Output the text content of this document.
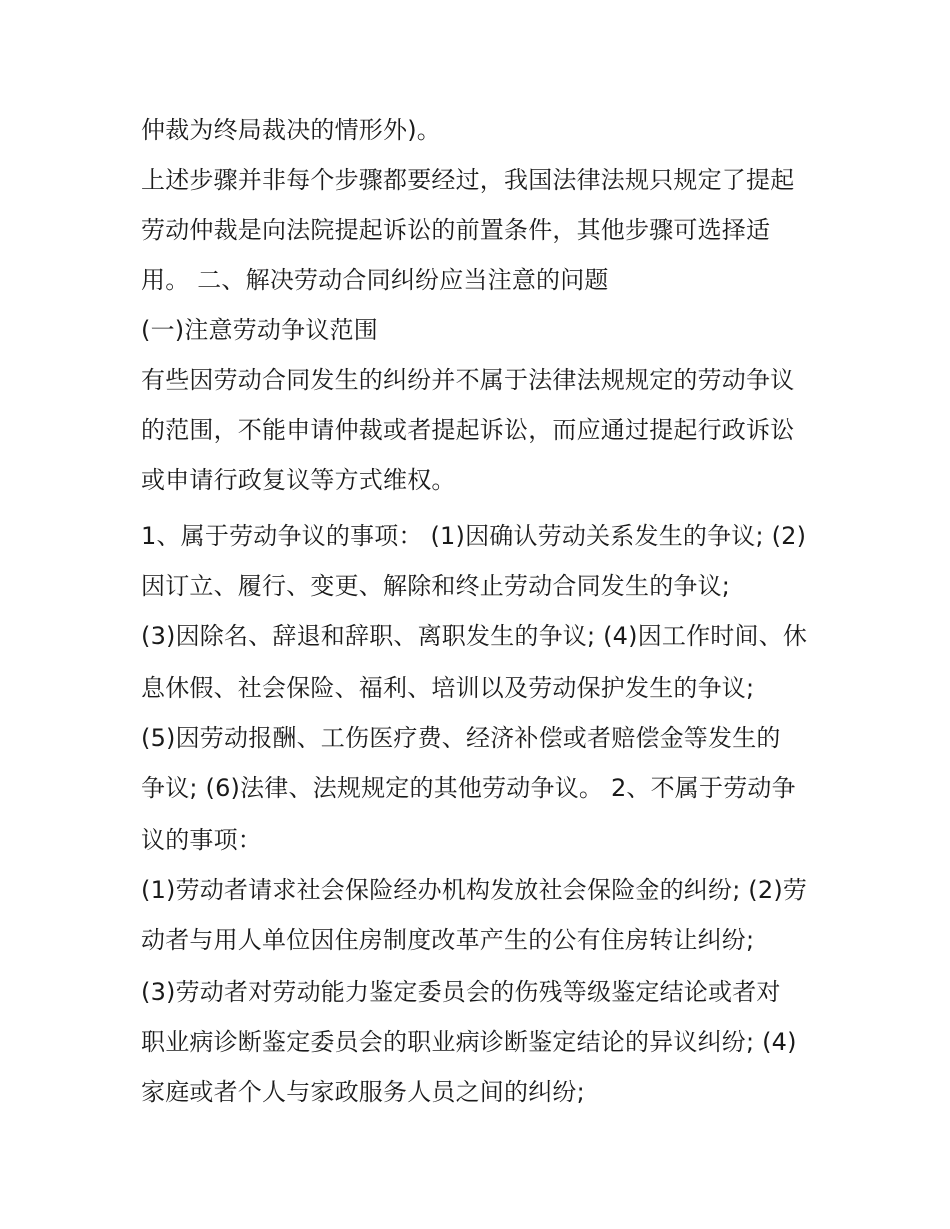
仲裁为终局裁决的情形外)。
上述步骤并非每个步骤都要经过，我国法律法规只规定了提起
劳动仲裁是向法院提起诉讼的前置条件，其他步骤可选择适
用。 二、解决劳动合同纠纷应当注意的问题
(一)注意劳动争议范围
有些因劳动合同发生的纠纷并不属于法律法规规定的劳动争议
的范围，不能申请仲裁或者提起诉讼，而应通过提起行政诉讼
或申请行政复议等方式维权。
1、属于劳动争议的事项： (1)因确认劳动关系发生的争议; (2)
因订立、履行、变更、解除和终止劳动合同发生的争议;
(3)因除名、辞退和辞职、离职发生的争议; (4)因工作时间、休
息休假、社会保险、福利、培训以及劳动保护发生的争议;
(5)因劳动报酬、工伤医疗费、经济补偿或者赔偿金等发生的
争议; (6)法律、法规规定的其他劳动争议。 2、不属于劳动争
议的事项：
(1)劳动者请求社会保险经办机构发放社会保险金的纠纷; (2)劳
动者与用人单位因住房制度改革产生的公有住房转让纠纷;
(3)劳动者对劳动能力鉴定委员会的伤残等级鉴定结论或者对
职业病诊断鉴定委员会的职业病诊断鉴定结论的异议纠纷; (4)
家庭或者个人与家政服务人员之间的纠纷;
